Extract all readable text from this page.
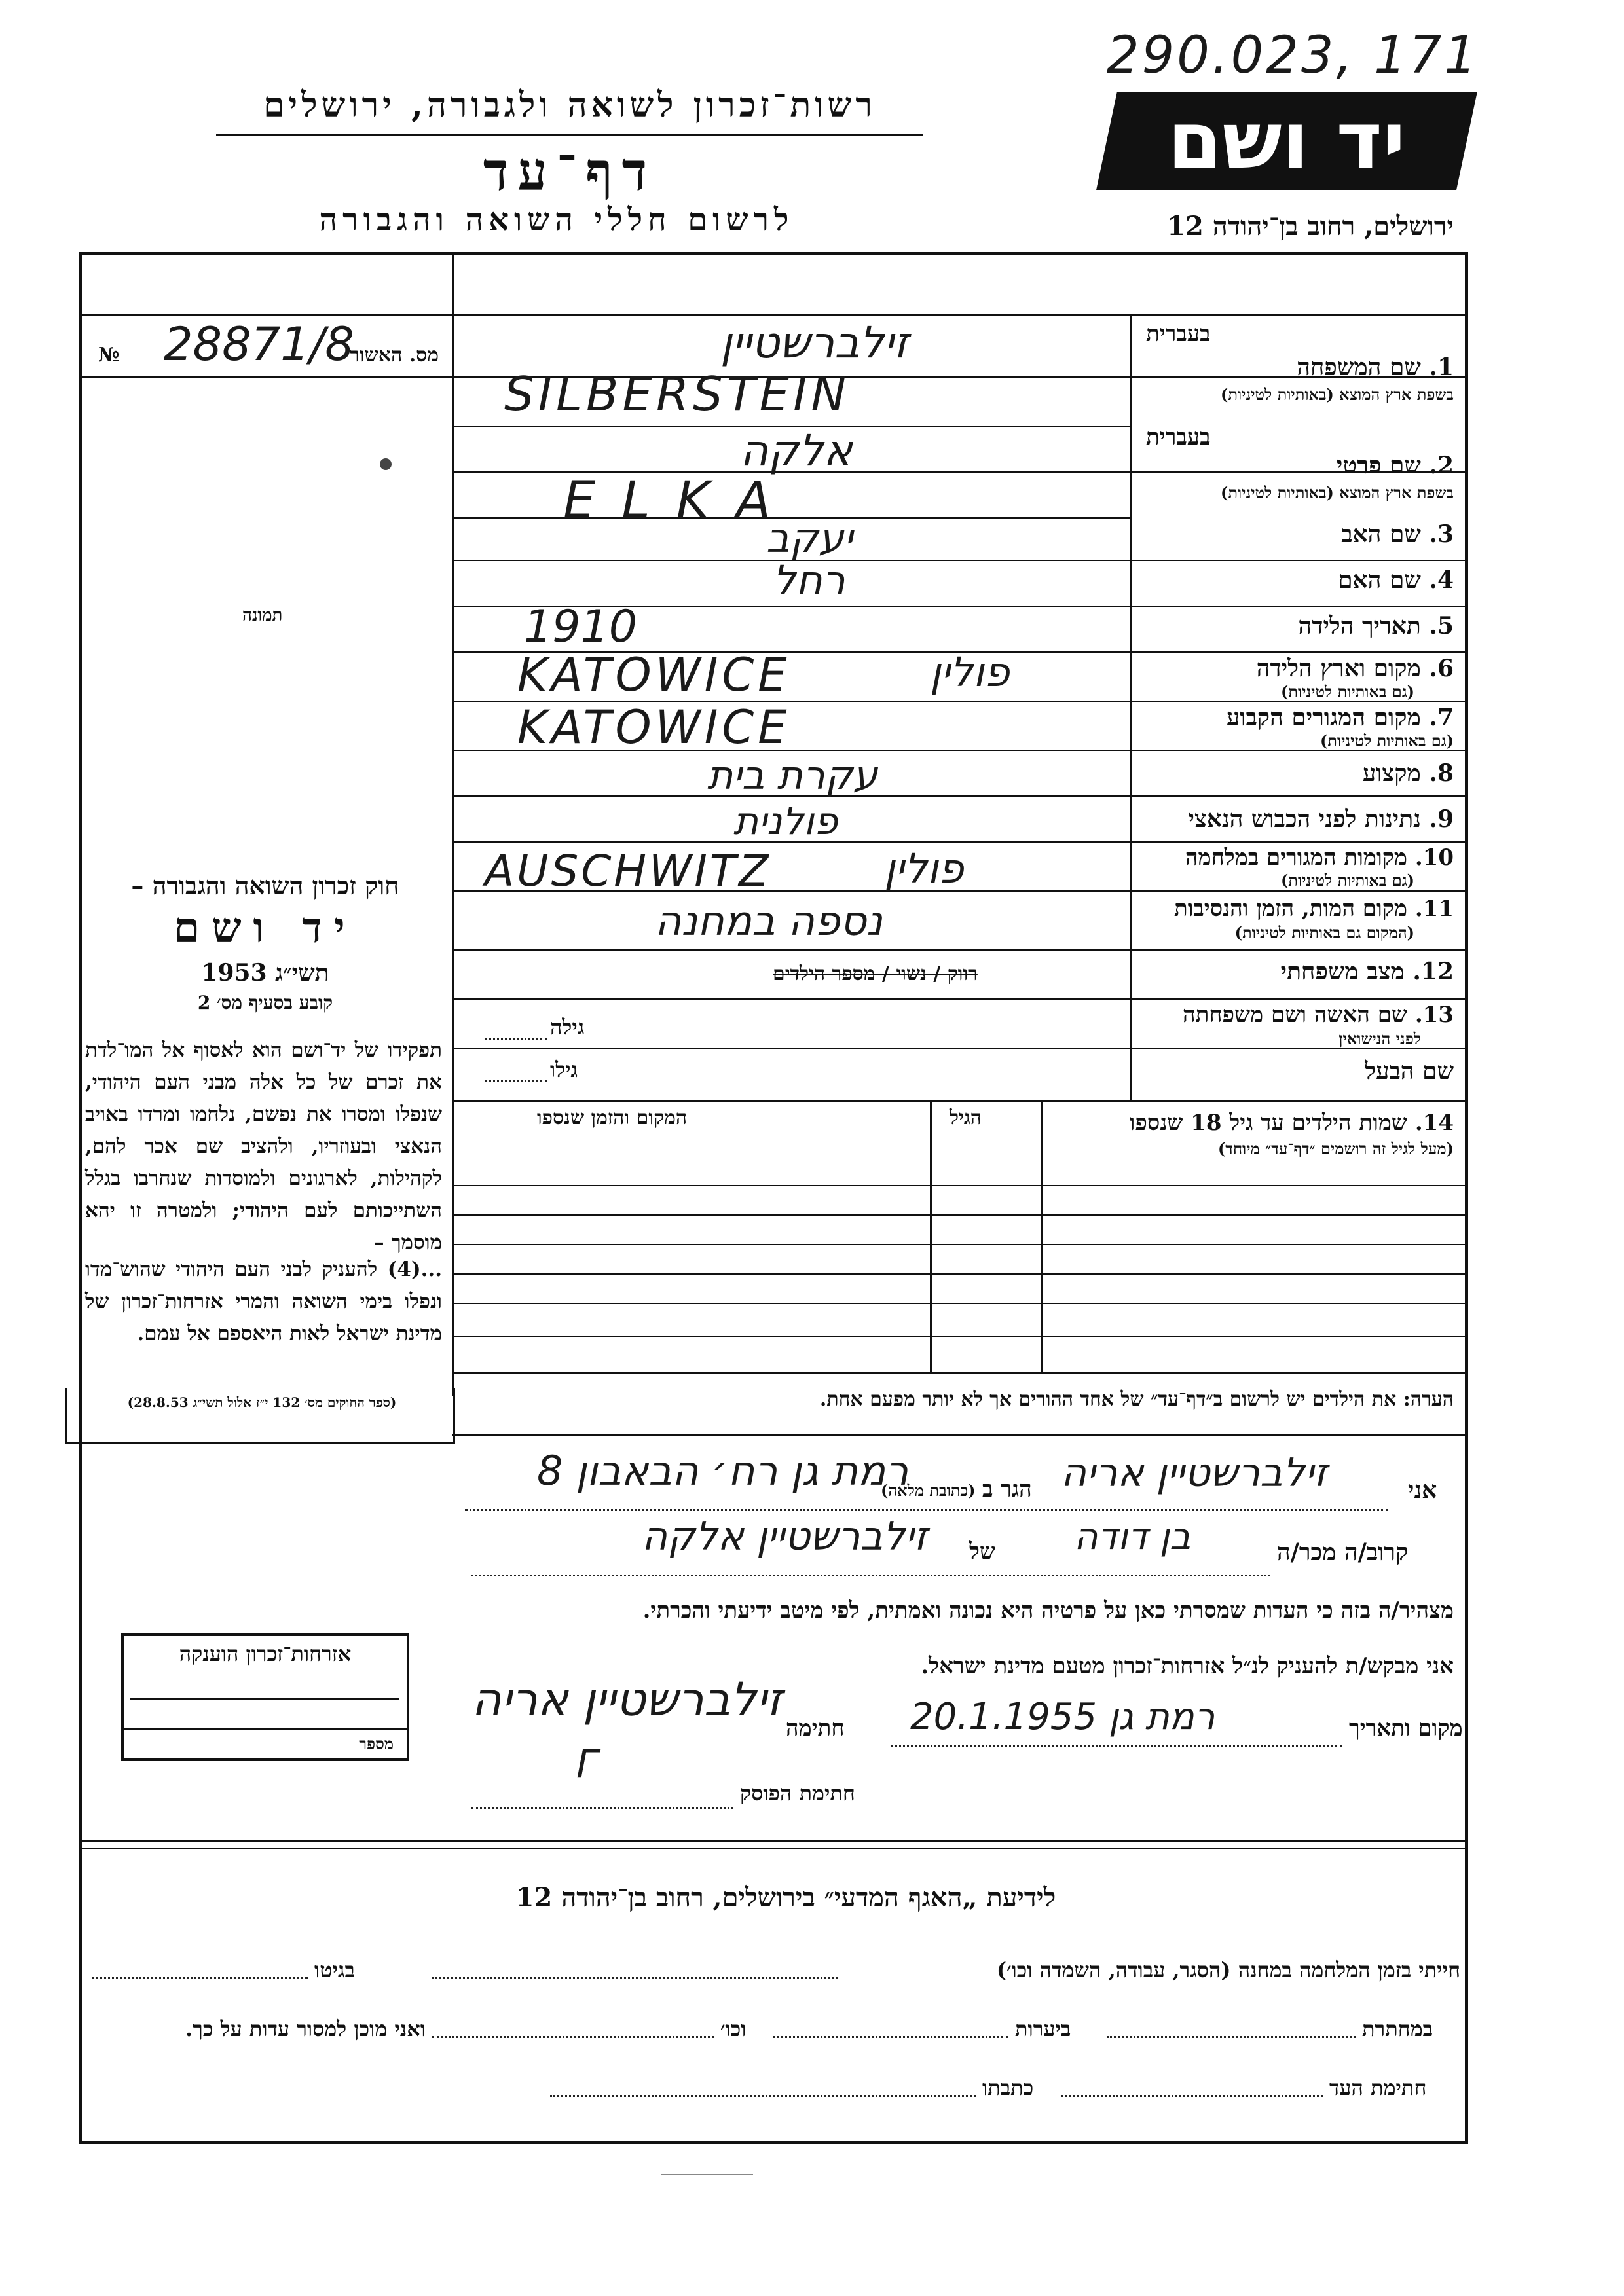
290.023, 171
יד ושם
רשות־זכרון לשואה ולגבורה, ירושלים
דף־עד
לרשום חללי השואה והגבורה	ירושלים, רחוב בן־יהודה 12
№ 28871/8
מס. האשור
תמונה
חוק זכרון השואה והגבורה –
יד ושם
תשי״ג 1953
קובע בסעיף מס׳ 2
תפקידו של יד־ושם הוא לאסוף אל המו־לדת את זכרם של כל אלה מבני העם היהודי, שנפלו ומסרו את נפשם, נלחמו ומרדו באויב הנאצי ובעוזריו, ולהציב שם אכר להם, לקהילות, לארגונים ולמוסדות שנחרבו בגלל השתייכותם לעם היהודי; ולמטרה זו יהא מוסמך –
...(4) להעניק לבני העם היהודי שהוש־מדו ונפלו בימי השואה והמרי אזרחות־זכרון של מדינת ישראל לאות היאספם אל עמם.
(ספר החוקים מס׳ 132 י״ז אלול תשי״ג 28.8.53)
בעברית
1. שם המשפחה
בשפת ארץ המוצא (באותיות לטיניות)
זילברשטיין
SILBERSTEIN
בעברית
2. שם פרטי
בשפת ארץ המוצא (באותיות לטיניות)
אלקה
ELKA
3. שם האב
יעקב
4. שם האם
רחל
5. תאריך הלידה
1910
6. מקום וארץ הלידה
(גם באותיות לטיניות)
KATOWICE	פולין
7. מקום המגורים הקבוע
(גם באותיות לטיניות)
KATOWICE
8. מקצוע
עקרת בית
9. נתינות לפני הכבוש הנאצי
פולנית
10. מקומות המגורים במלחמה
(גם באותיות לטיניות)
AUSCHWITZ	פולין
11. מקום המות, הזמן והנסיבות
(המקום גם באותיות לטיניות)
נספה במחנה
12. מצב משפחתי
רווק / נשוי / מספר הילדים
13. שם האשה ושם משפחתה
לפני הנישואין
גילה
שם הבעל
גילו
14. שמות הילדים עד גיל 18 שנספו
(מעל לגיל זה רושמים ״דף־עד״ מיוחד)
הגיל
המקום והזמן שנספו
הערה: את הילדים יש לרשום ב״דף־עד״ של אחד ההורים אך לא יותר מפעם אחת.
אני
זילברשטיין אריה
הגר ב
(כתובת מלאה)
רמת גן רח׳ הבאבון 8
קרוב/ה מכר/ה
בן דודה
של
זילברשטיין אלקה
מצהיר/ה בזה כי העדות שמסרתי כאן על פרטיה היא נכונה ואמתית, לפי מיטב ידיעתי והכרתי.
אני מבקש/ת להעניק לנ״ל אזרחות־זכרון מטעם מדינת ישראל.
מקום ותאריך
רמת גן 20.1.1955
חתימה
זילברשטיין אריה
חתימת הפוסק
ᒥ
אזרחות־זכרון הוענקה
מספר
לידיעת „האגף המדעי״ בירושלים, רחוב בן־יהודה 12
חייתי בזמן המלחמה במחנה (הסגר, עבודה, השמדה וכו׳)
בגיטו
במחתרת
ביערות
וכו׳
ואני מוכן למסור עדות על כך.
חתימת העד
כתבתו
